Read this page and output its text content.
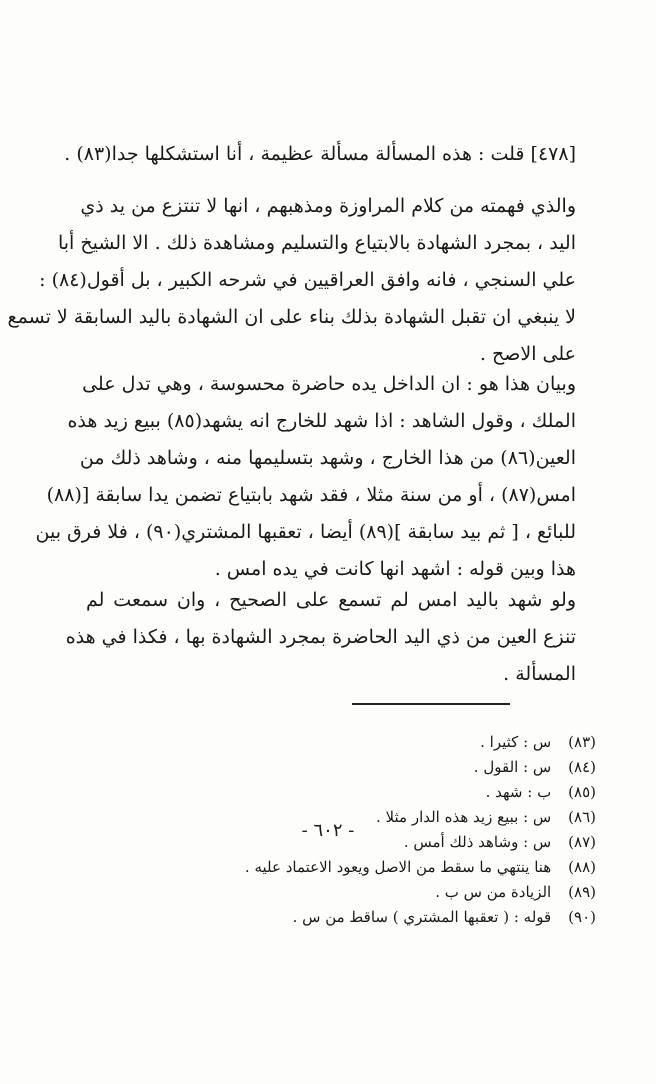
[٤٧٨] قلت : هذه المسألة مسألة عظيمة ، أنا استشكلها جدا(٨٣) .

والذي فهمته من كلام المراوزة ومذهبهم ، انها لا تنتزع من يد ذي
اليد ، بمجرد الشهادة بالابتياع والتسليم ومشاهدة ذلك . الا الشيخ أبا
علي السنجي ، فانه وافق العراقيين في شرحه الكبير ، بل أقول(٨٤) :
لا ينبغي ان تقبل الشهادة بذلك بناء على ان الشهادة باليد السابقة لا تسمع
على الاصح .

وبيان هذا هو : ان الداخل يده حاضرة محسوسة ، وهي تدل على
الملك ، وقول الشاهد : اذا شهد للخارج انه يشهد(٨٥) ببيع زيد هذه
العين(٨٦) من هذا الخارج ، وشهد بتسليمها منه ، وشاهد ذلك من
امس(٨٧) ، أو من سنة مثلا ، فقد شهد بابتياع تضمن يدا سابقة [(٨٨)
للبائع ، [ ثم بيد سابقة ](٨٩) أيضا ، تعقبها المشتري(٩٠) ، فلا فرق بين
هذا وبين قوله : اشهد انها كانت في يده امس .

ولو شهد باليد امس لم تسمع على الصحيح ، وان سمعت لم
تنزع العين من ذي اليد الحاضرة بمجرد الشهادة بها ، فكذا في هذه
المسألة .

(٨٣) س : كثيرا .
(٨٤) س : القول .
(٨٥) ب : شهد .
(٨٦) س : ببيع زيد هذه الدار مثلا .
(٨٧) س : وشاهد ذلك أمس .
(٨٨) هنا ينتهي ما سقط من الاصل ويعود الاعتماد عليه .
(٨٩) الزيادة من س ب .
(٩٠) قوله : ( تعقبها المشتري ) ساقط من س .
- ٦٠٢ -
